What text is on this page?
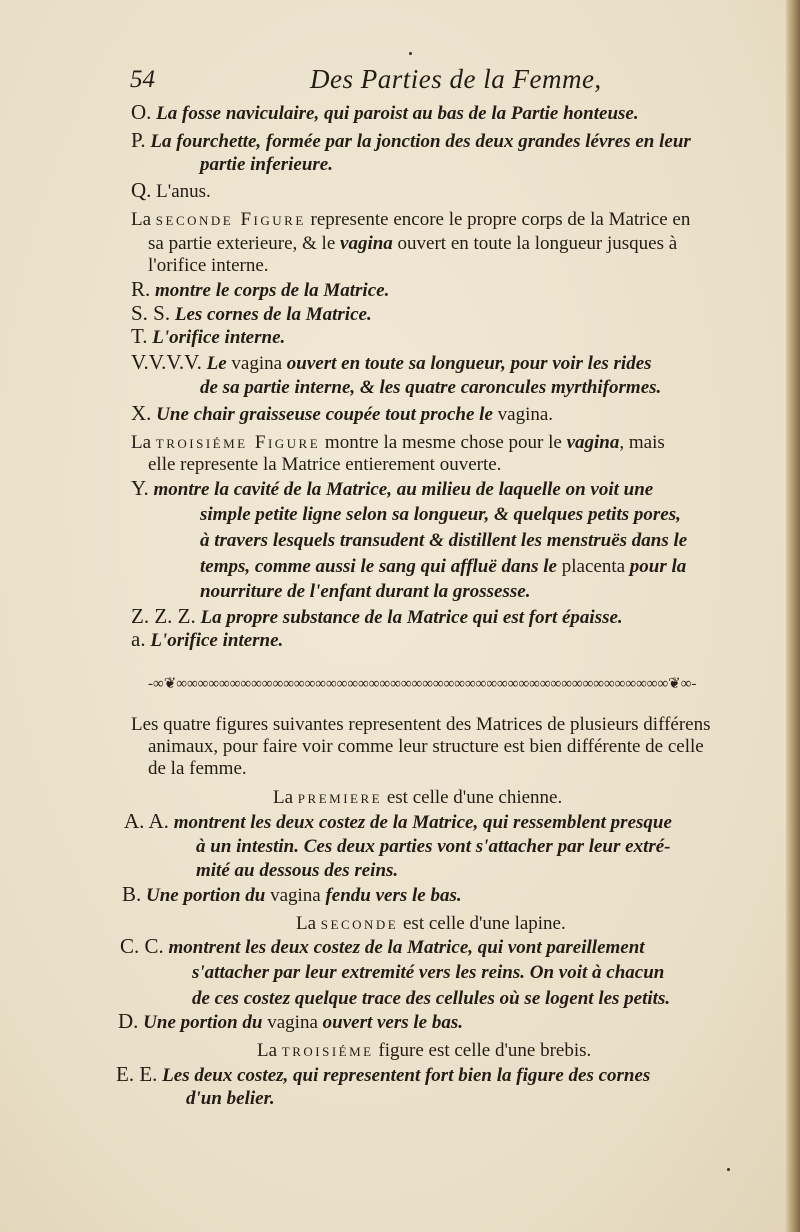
54	Des Parties de la Femme,
O. La fosse naviculaire, qui paroist au bas de la Partie honteuse.
P. La fourchette, formée par la jonction des deux grandes lévres en leur
partie inferieure.
Q. L'anus.
La seconde Figure represente encore le propre corps de la Matrice en
sa partie exterieure, & le vagina ouvert en toute la longueur jusques à
l'orifice interne.
R. montre le corps de la Matrice.
S. S. Les cornes de la Matrice.
T. L'orifice interne.
V.V.V.V. Le vagina ouvert en toute sa longueur, pour voir les rides
de sa partie interne, & les quatre caroncules myrthiformes.
X. Une chair graisseuse coupée tout proche le vagina.
La troisiéme Figure montre la mesme chose pour le vagina, mais
elle represente la Matrice entierement ouverte.
Y. montre la cavité de la Matrice, au milieu de laquelle on voit une
simple petite ligne selon sa longueur, & quelques petits pores,
à travers lesquels transudent & distillent les menstruës dans le
temps, comme aussi le sang qui affluë dans le placenta pour la
nourriture de l'enfant durant la grossesse.
Z. Z. Z. La propre substance de la Matrice qui est fort épaisse.
a. L'orifice interne.
-∞❦∞∞∞∞∞∞∞∞∞∞∞∞∞∞∞∞∞∞∞∞∞∞∞∞∞∞∞∞∞∞∞∞∞∞∞∞∞∞∞∞∞∞∞∞∞∞❦∞-
Les quatre figures suivantes representent des Matrices de plusieurs différens
animaux, pour faire voir comme leur structure est bien différente de celle
de la femme.
La premiere est celle d'une chienne.
A. A. montrent les deux costez de la Matrice, qui ressemblent presque
à un intestin. Ces deux parties vont s'attacher par leur extré-
mité au dessous des reins.
B. Une portion du vagina fendu vers le bas.
La seconde est celle d'une lapine.
C. C. montrent les deux costez de la Matrice, qui vont pareillement
s'attacher par leur extremité vers les reins. On voit à chacun
de ces costez quelque trace des cellules où se logent les petits.
D. Une portion du vagina ouvert vers le bas.
La troisiéme figure est celle d'une brebis.
E. E. Les deux costez, qui representent fort bien la figure des cornes
d'un belier.
